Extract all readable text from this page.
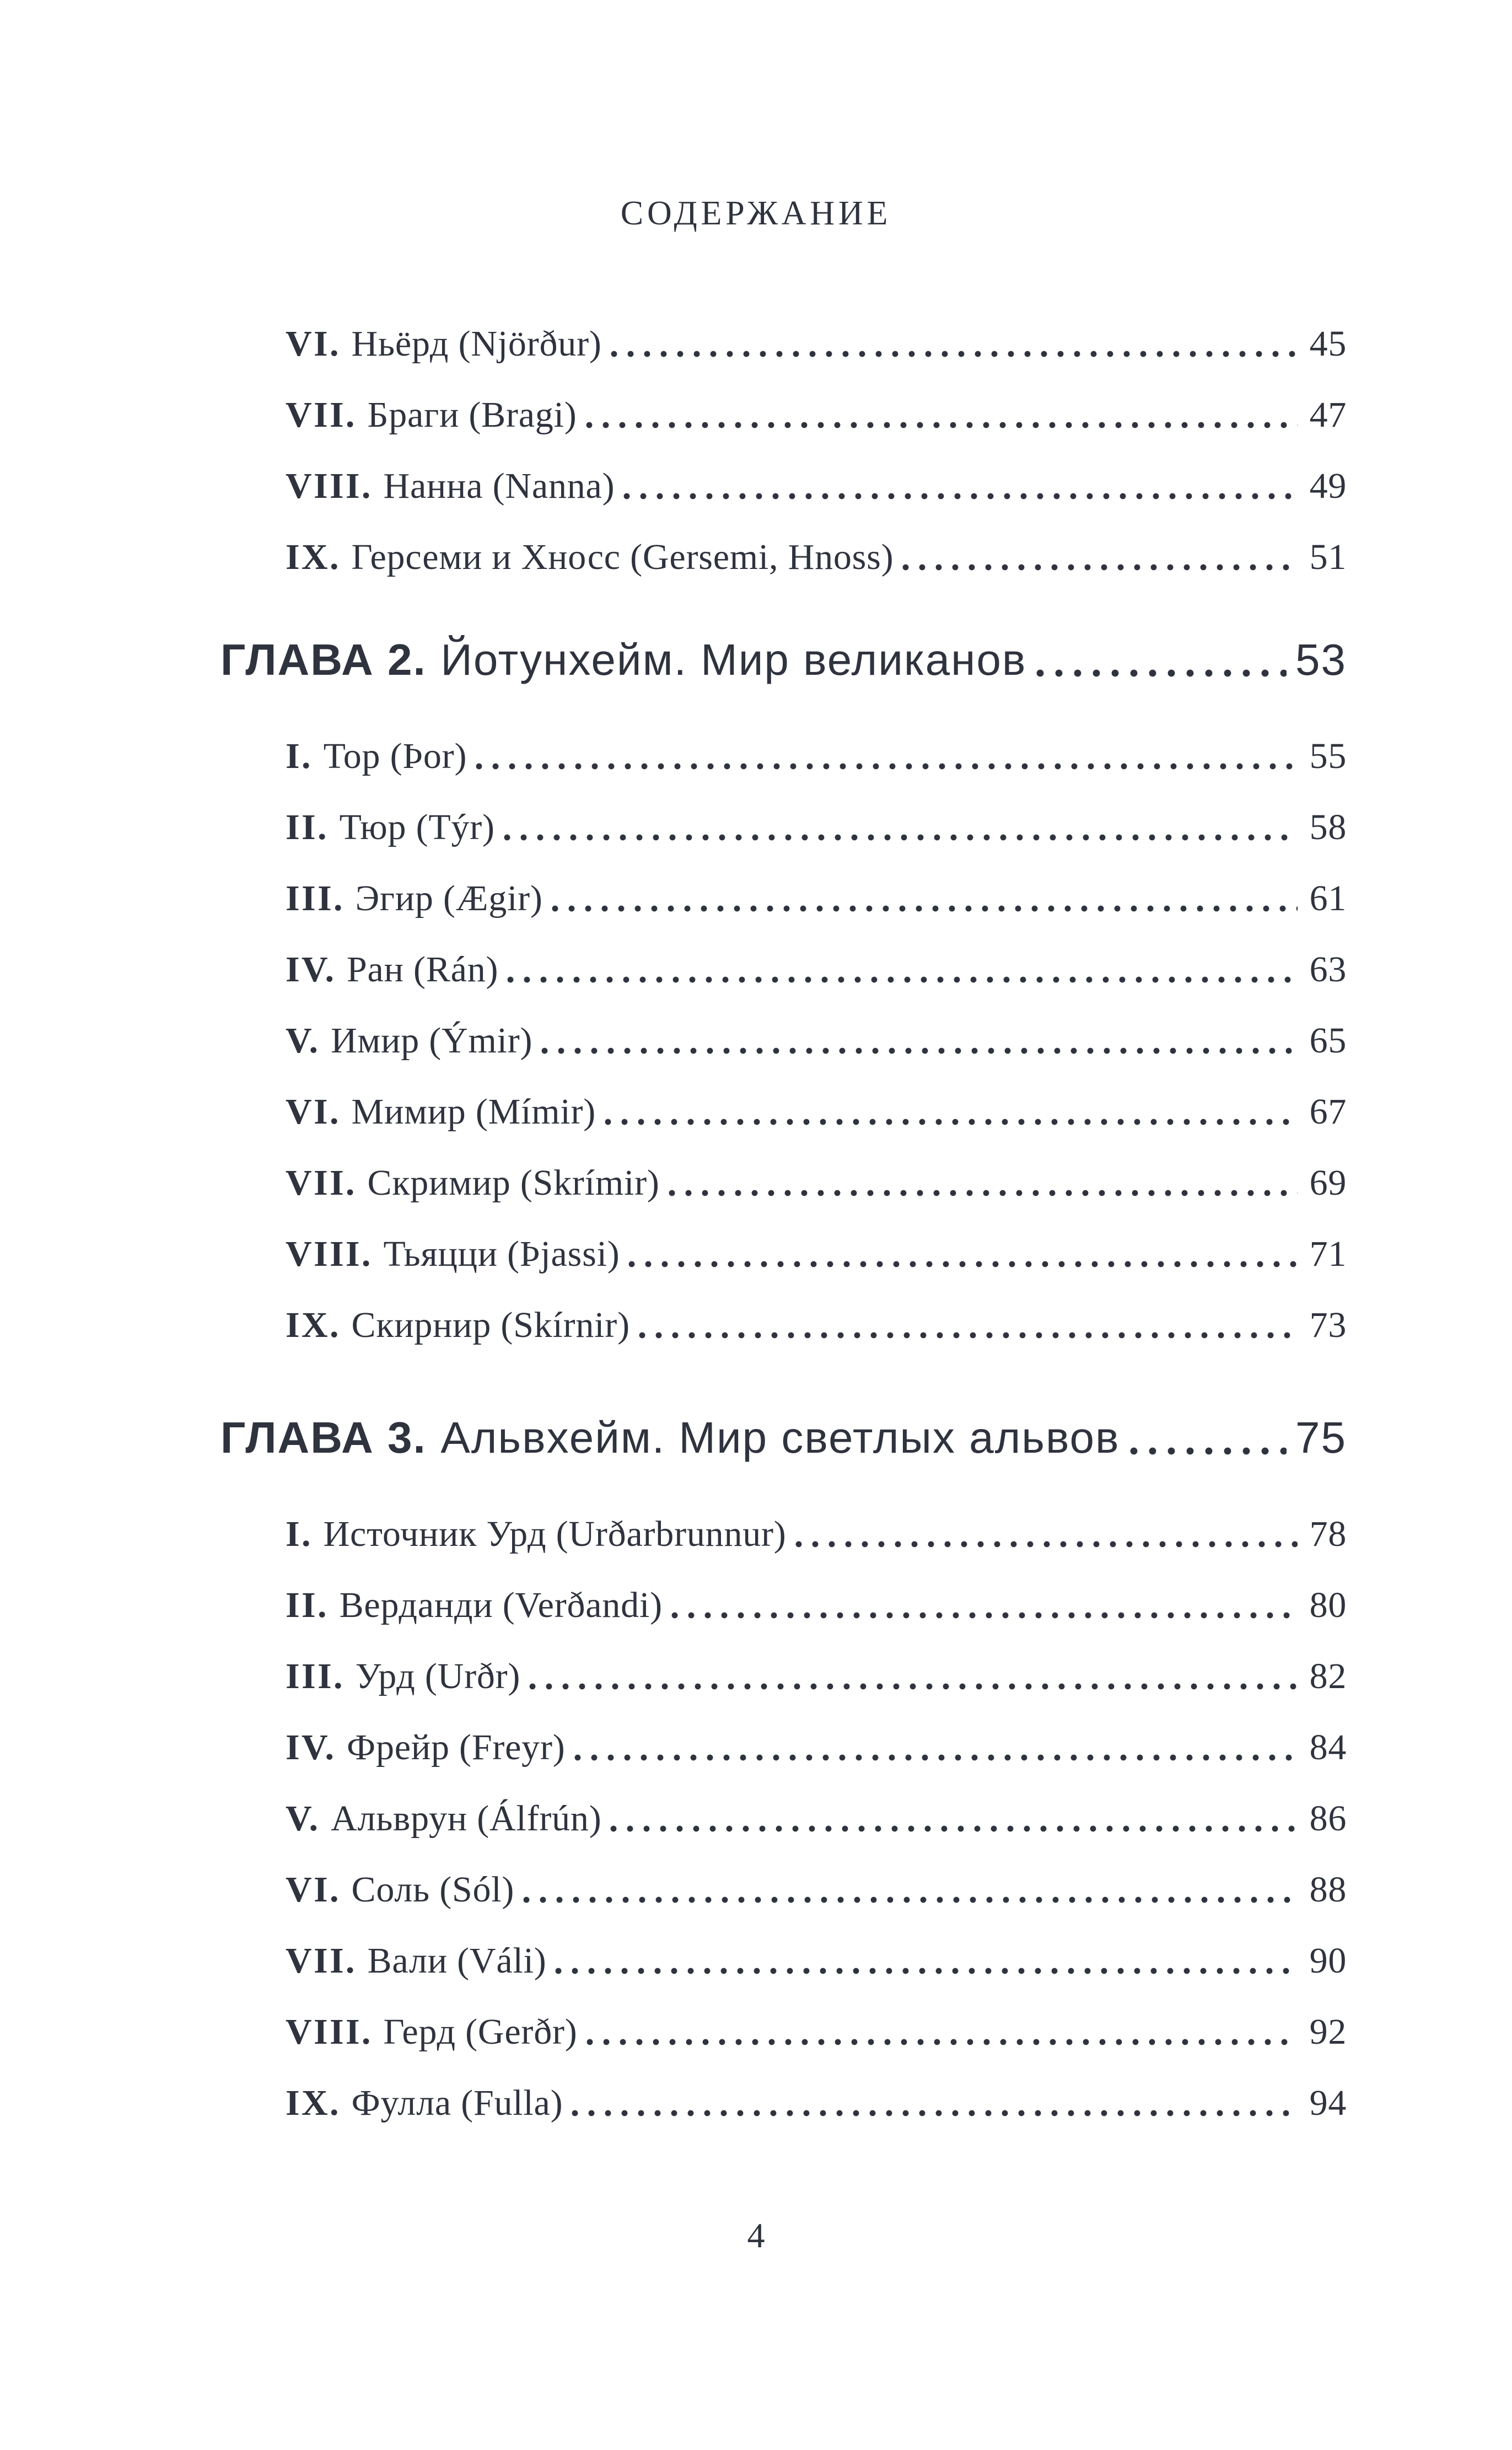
СОДЕРЖАНИЕ
VI. Ньёрд (Njörður)	45
VII. Браги (Bragi)	47
VIII. Нанна (Nanna)	49
IX. Герсеми и Хносс (Gersemi, Hnoss)	51
ГЛАВА 2. Йотунхейм. Мир великанов	53
I. Тор (Þor)	55
II. Тюр (Týr)	58
III. Эгир (Ægir)	61
IV. Ран (Rán)	63
V. Имир (Ýmir)	65
VI. Мимир (Mímir)	67
VII. Скримир (Skrímir)	69
VIII. Тьяцци (Þjassi)	71
IX. Скирнир (Skírnir)	73
ГЛАВА 3. Альвхейм. Мир светлых альвов	75
I. Источник Урд (Urðarbrunnur)	78
II. Верданди (Verðandi)	80
III. Урд (Urðr)	82
IV. Фрейр (Freyr)	84
V. Альврун (Álfrún)	86
VI. Соль (Sól)	88
VII. Вали (Váli)	90
VIII. Герд (Gerðr)	92
IX. Фулла (Fulla)	94
4
